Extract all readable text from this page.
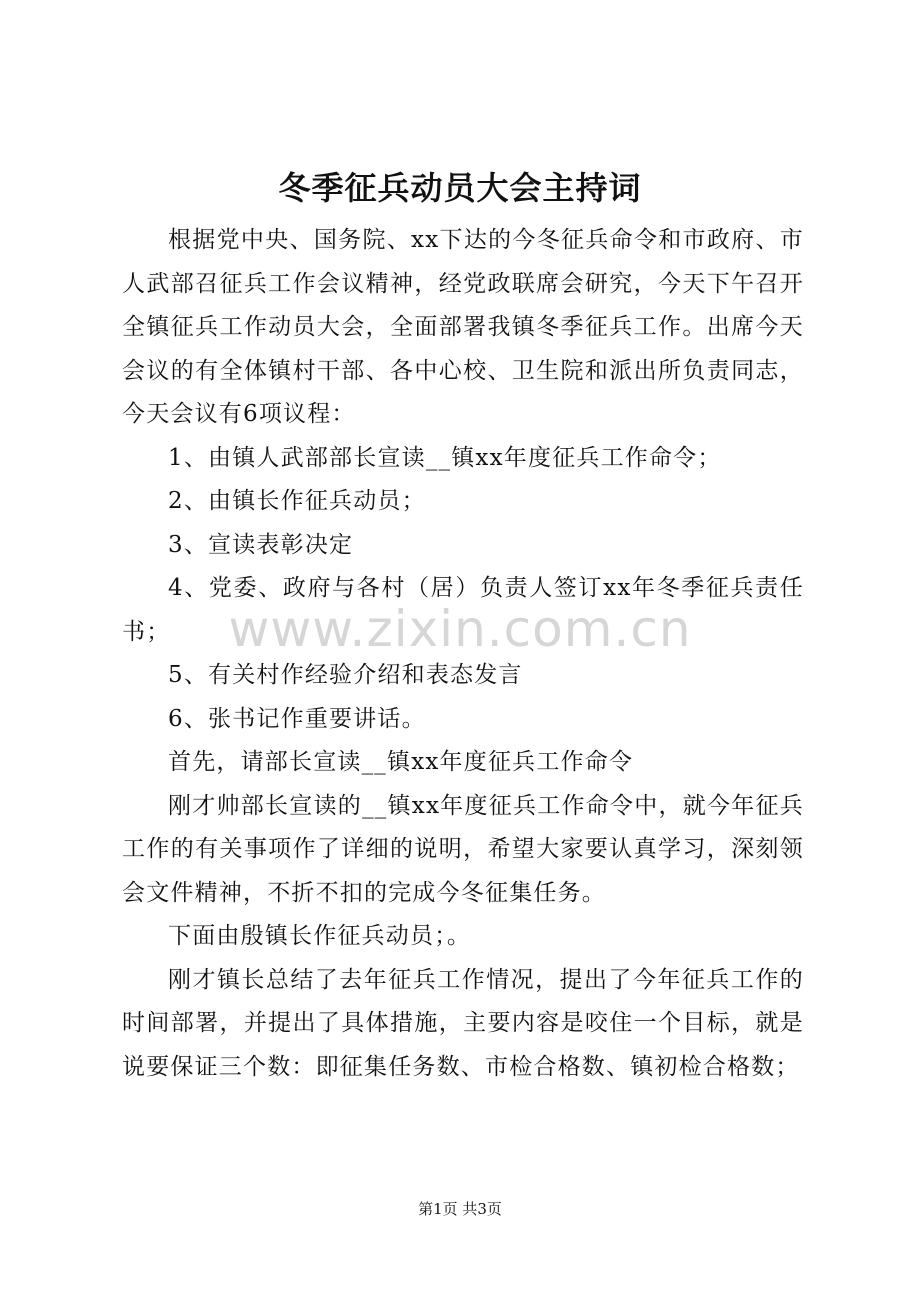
冬季征兵动员大会主持词

根据党中央、国务院、xx下达的今冬征兵命令和市政府、市人武部召征兵工作会议精神，经党政联席会研究，今天下午召开全镇征兵工作动员大会，全面部署我镇冬季征兵工作。出席今天会议的有全体镇村干部、各中心校、卫生院和派出所负责同志，今天会议有6项议程：

1、由镇人武部部长宣读__镇xx年度征兵工作命令；

2、由镇长作征兵动员；

3、宣读表彰决定

4、党委、政府与各村（居）负责人签订xx年冬季征兵责任书；

5、有关村作经验介绍和表态发言

6、张书记作重要讲话。

首先，请部长宣读__镇xx年度征兵工作命令

刚才帅部长宣读的__镇xx年度征兵工作命令中，就今年征兵工作的有关事项作了详细的说明，希望大家要认真学习，深刻领会文件精神，不折不扣的完成今冬征集任务。

下面由殷镇长作征兵动员；。

刚才镇长总结了去年征兵工作情况，提出了今年征兵工作的时间部署，并提出了具体措施，主要内容是咬住一个目标，就是说要保证三个数：即征集任务数、市检合格数、镇初检合格数；

www.zixin.com.cn
第1页 共3页
